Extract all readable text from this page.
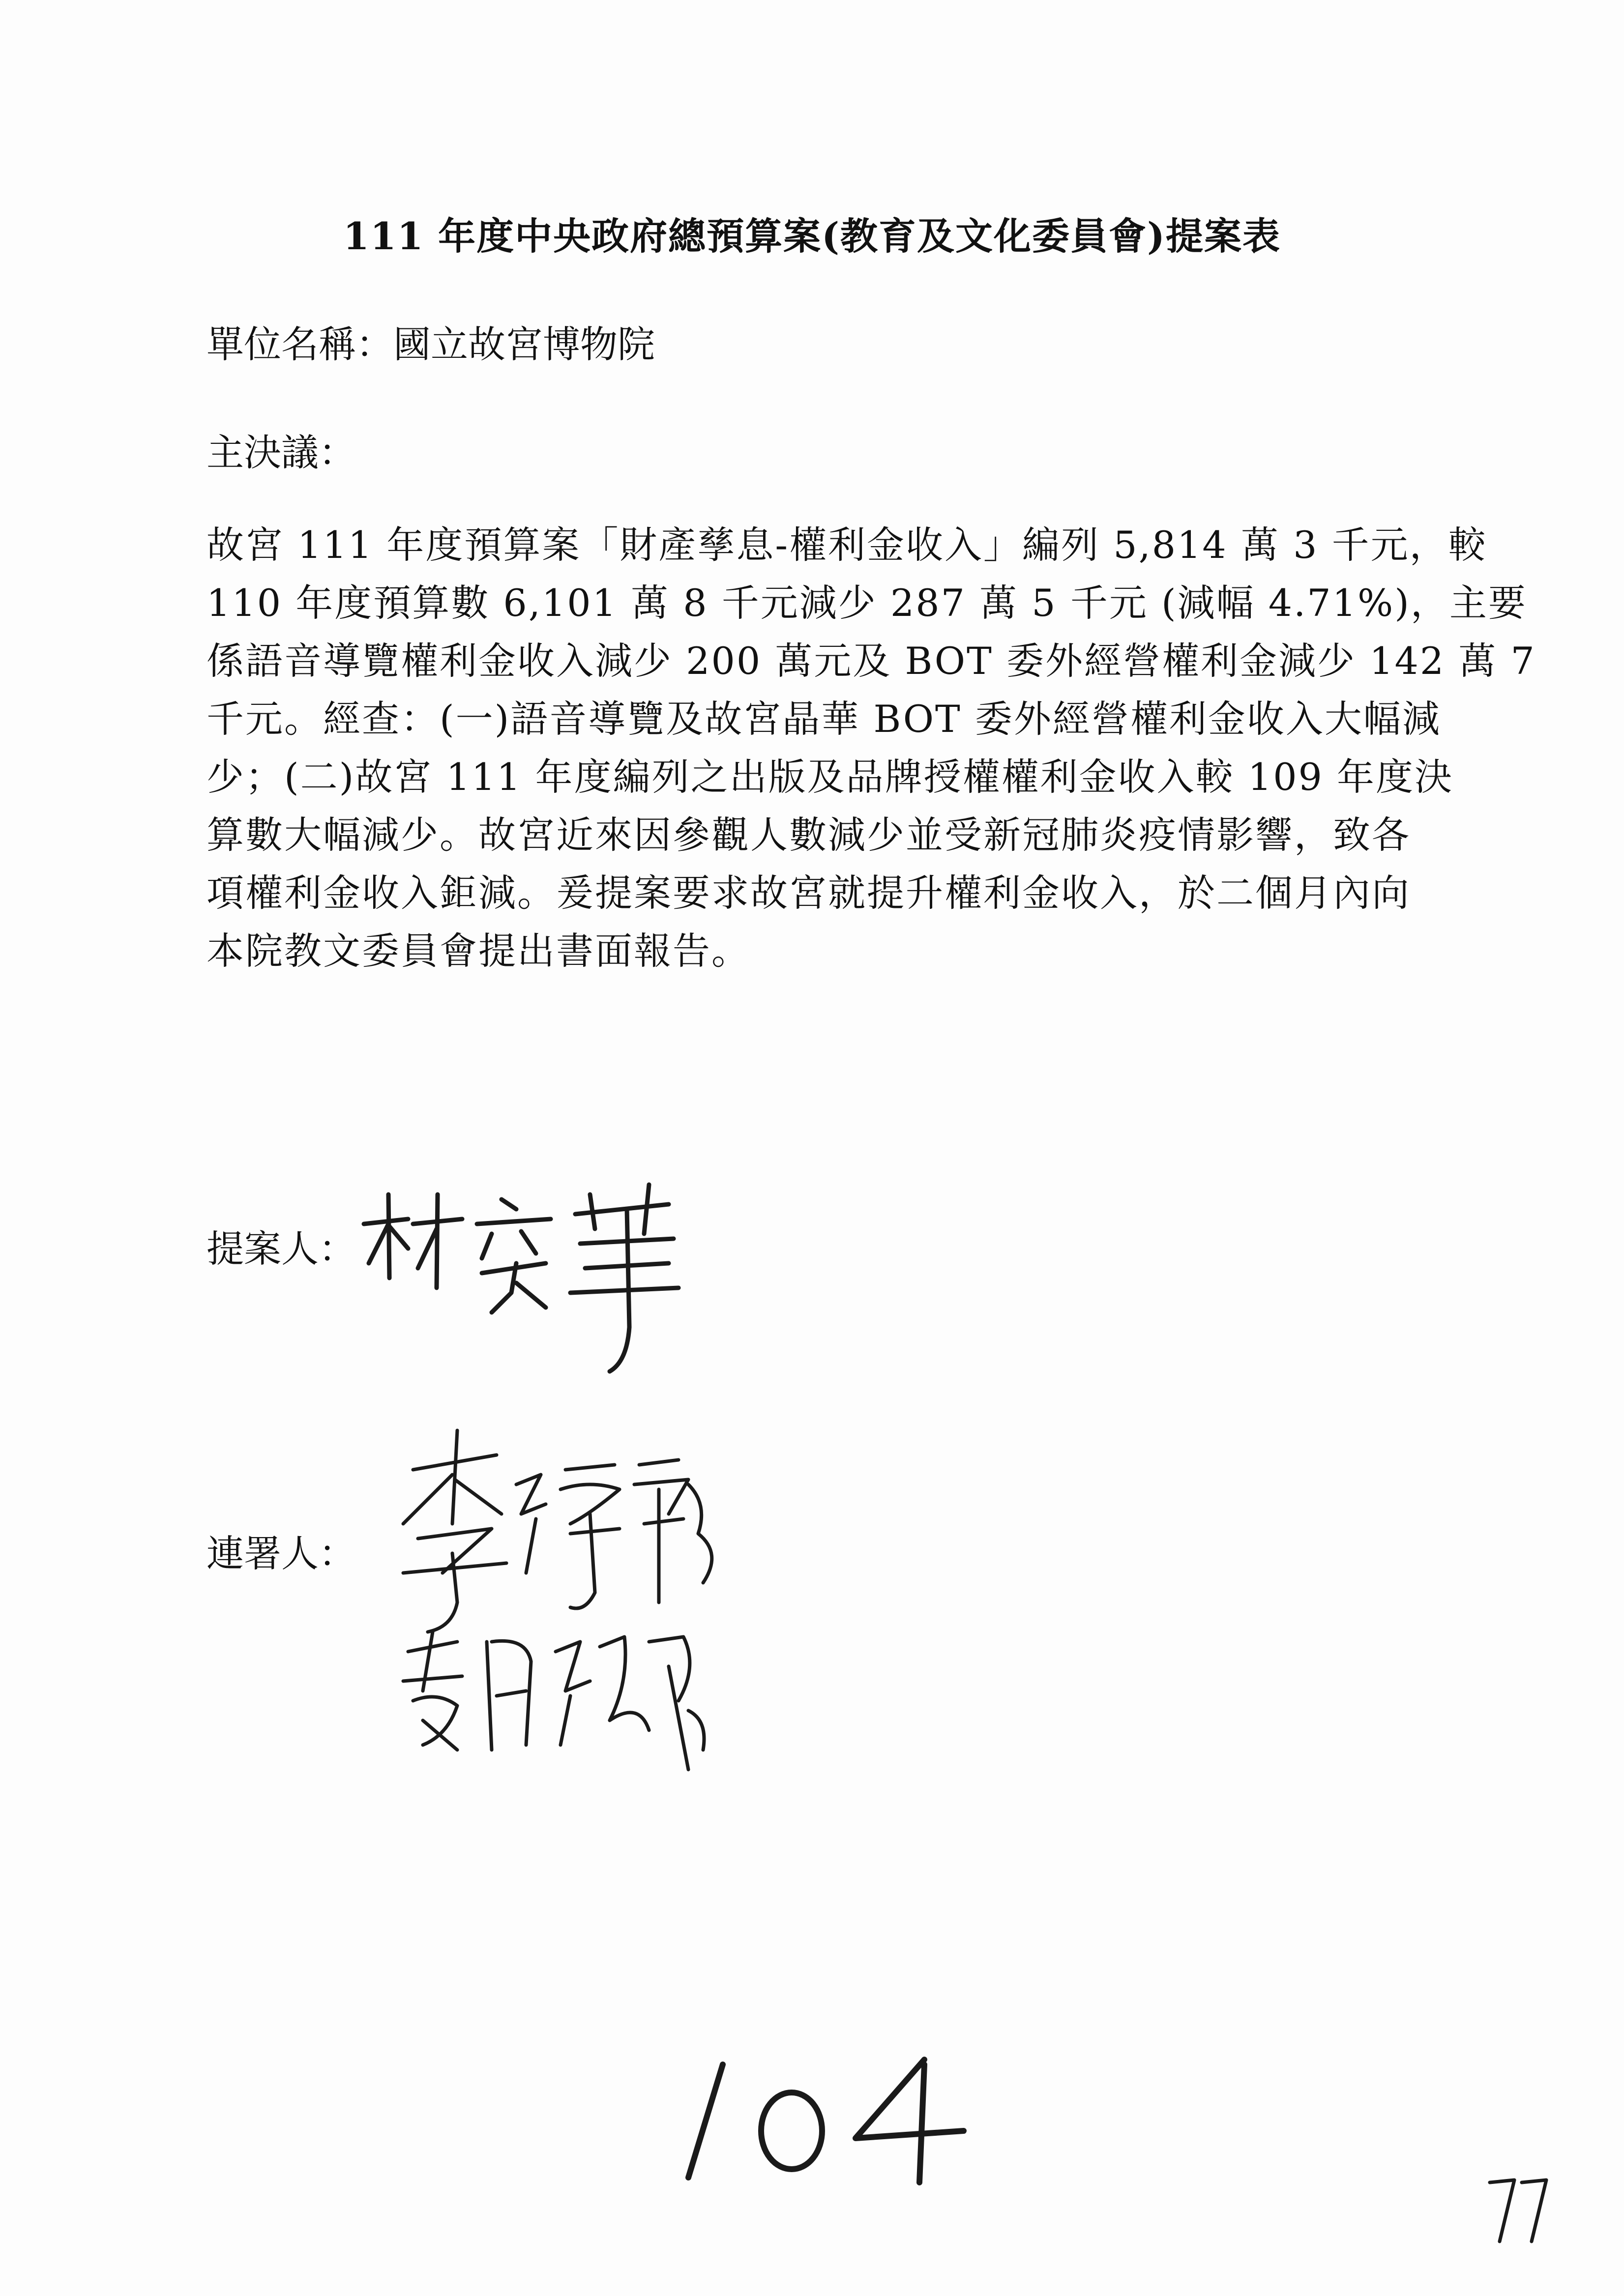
111 年度中央政府總預算案(教育及文化委員會)提案表
單位名稱：國立故宮博物院
主決議：
故宮 111 年度預算案「財產孳息-權利金收入」編列 5,814 萬 3 千元，較
110 年度預算數 6,101 萬 8 千元減少 287 萬 5 千元 (減幅 4.71%)，主要
係語音導覽權利金收入減少 200 萬元及 BOT 委外經營權利金減少 142 萬 7
千元。經查：(一)語音導覽及故宮晶華 BOT 委外經營權利金收入大幅減
少；(二)故宮 111 年度編列之出版及品牌授權權利金收入較 109 年度決
算數大幅減少。故宮近來因參觀人數減少並受新冠肺炎疫情影響，致各
項權利金收入鉅減。爰提案要求故宮就提升權利金收入，於二個月內向
本院教文委員會提出書面報告。
提案人：
連署人：
